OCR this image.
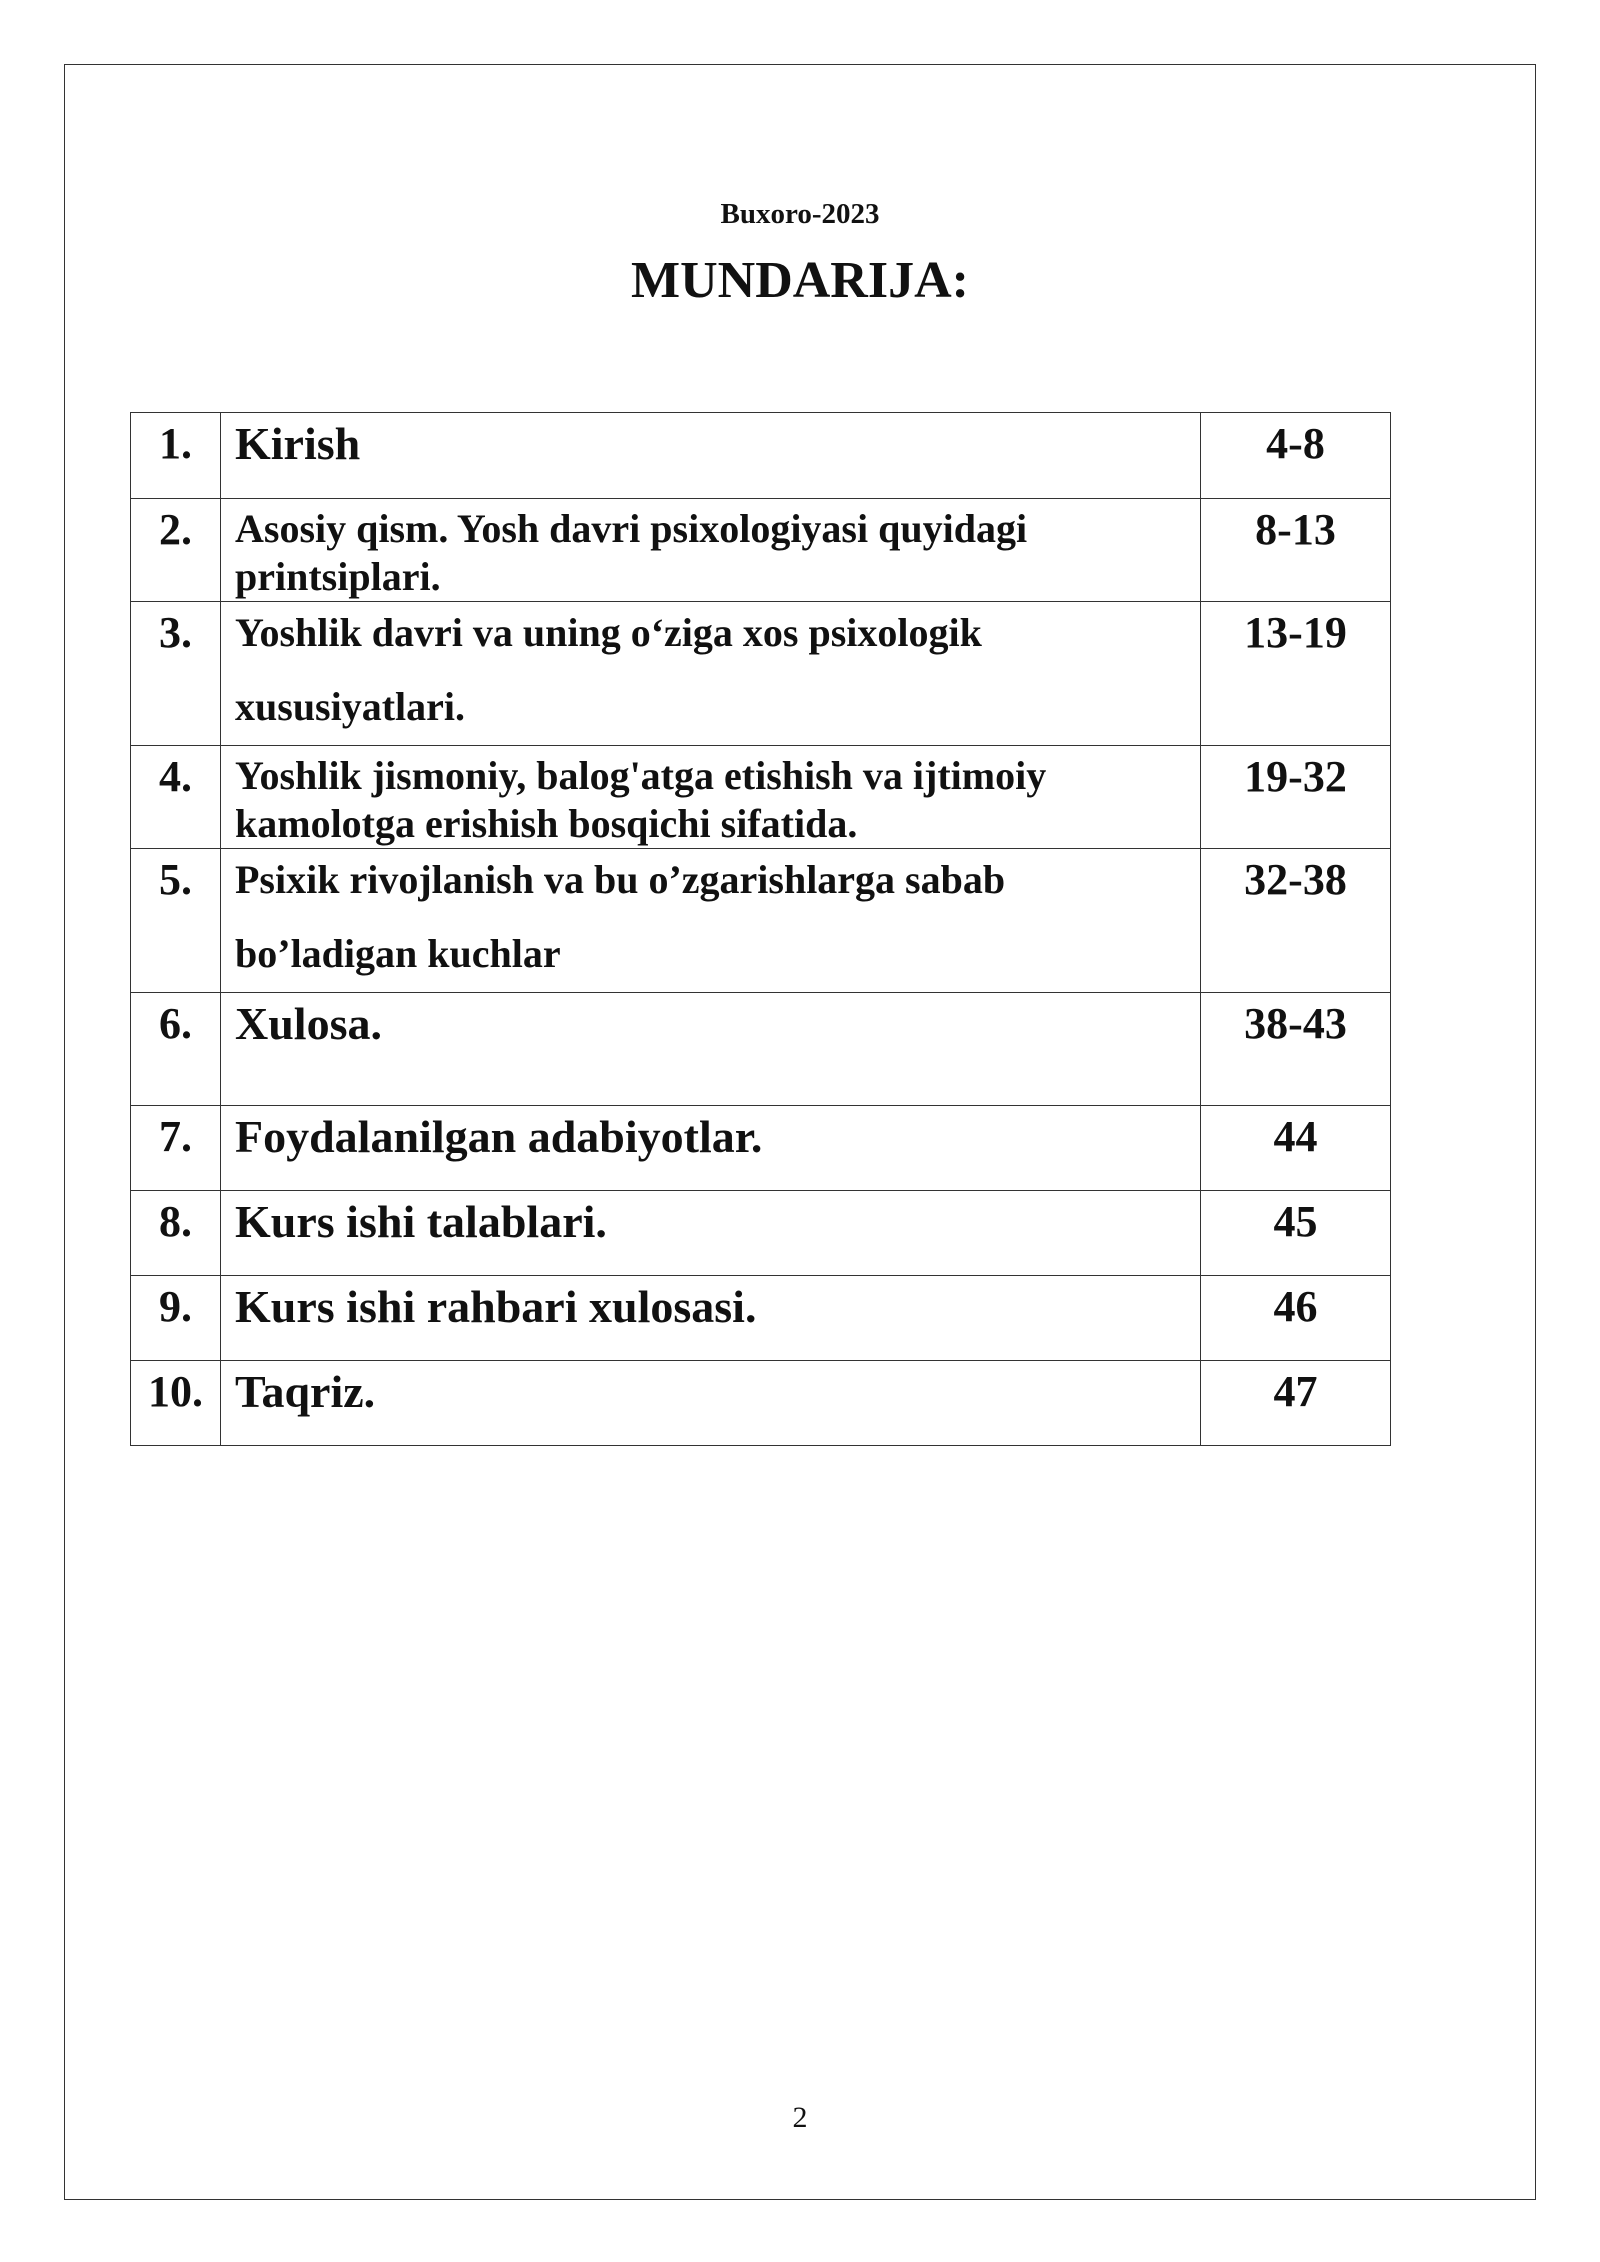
Buxoro-2023
MUNDARIJA:
1.	Kirish	4-8
2.	Asosiy qism. Yosh davri psixologiyasi quyidagi printsiplari.	8-13
3.	Yoshlik davri va uning o‘ziga xos psixologik xususiyatlari.	13-19
4.	Yoshlik jismoniy, balog'atga etishish va ijtimoiy kamolotga erishish bosqichi sifatida.	19-32
5.	Psixik rivojlanish va bu o’zgarishlarga sabab bo’ladigan kuchlar	32-38
6.	Xulosa.	38-43
7.	Foydalanilgan adabiyotlar.	44
8.	Kurs ishi talablari.	45
9.	Kurs ishi rahbari xulosasi.	46
10.	Taqriz.	47
2
